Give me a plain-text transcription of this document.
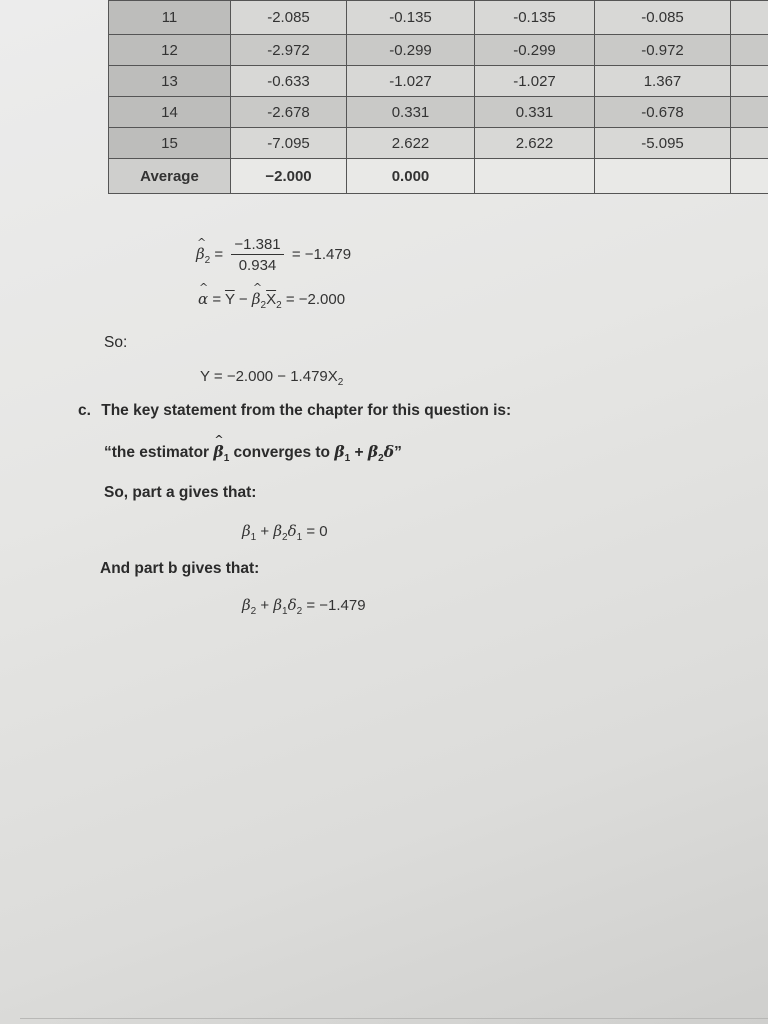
11	-2.085	-0.135	-0.135	-0.085	
12	-2.972	-0.299	-0.299	-0.972	
13	-0.633	-1.027	-1.027	1.367	
14	-2.678	0.331	0.331	-0.678	
15	-7.095	2.622	2.622	-5.095	
Average	−2.000	0.000			
^ $\beta_2 = \frac{-1.381}{0.934} = -1.479$
^ $\alpha = \overline{Y}$ − ^ $\beta_2\overline{X}_2 = -2.000$
So:
$Y = -2.000 - 1.479X_2$
c. The key statement from the chapter for this question is:
“the estimator ^ $\beta_1$ converges to $\beta_1 + \beta_2\delta$”
So, part a gives that:
$\beta_1 + \beta_2\delta_1 = 0$
And part b gives that:
$\beta_2 + \beta_1\delta_2 = -1.479$
